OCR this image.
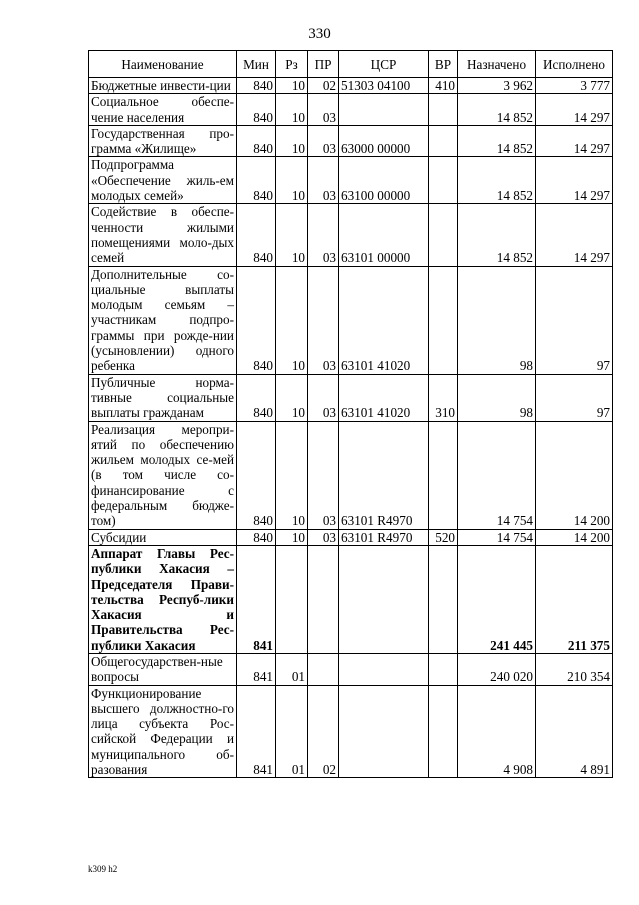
330
Наименование	Мин	Рз	ПР	ЦСР	ВР	Назначено	Исполнено
Бюджетные инвести-ции	840	10	02	51303 04100	410	3 962	3 777
Социальное обеспе-чение населения	840	10	03			14 852	14 297
Государственная про-грамма «Жилище»	840	10	03	63000 00000		14 852	14 297
Подпрограмма «Обеспечение жиль-ем молодых семей»	840	10	03	63100 00000		14 852	14 297
Содействие в обеспе-ченности жилыми помещениями моло-дых семей	840	10	03	63101 00000		14 852	14 297
Дополнительные со-циальные выплаты молодым семьям – участникам подпро-граммы при рожде-нии (усыновлении) одного ребенка	840	10	03	63101 41020		98	97
Публичные норма-тивные социальные выплаты гражданам	840	10	03	63101 41020	310	98	97
Реализация меропри-ятий по обеспечению жильем молодых се-мей (в том числе со-финансирование с федеральным бюдже-том)	840	10	03	63101 R4970		14 754	14 200
Субсидии	840	10	03	63101 R4970	520	14 754	14 200
Аппарат Главы Рес-публики Хакасия – Председателя Прави-тельства Респуб-лики Хакасия и Правительства Рес-публики Хакасия	841					241 445	211 375
Общегосударствен-ные вопросы	841	01				240 020	210 354
Функционирование высшего должностно-го лица субъекта Рос-сийской Федерации и муниципального об-разования	841	01	02			4 908	4 891
k309 h2
